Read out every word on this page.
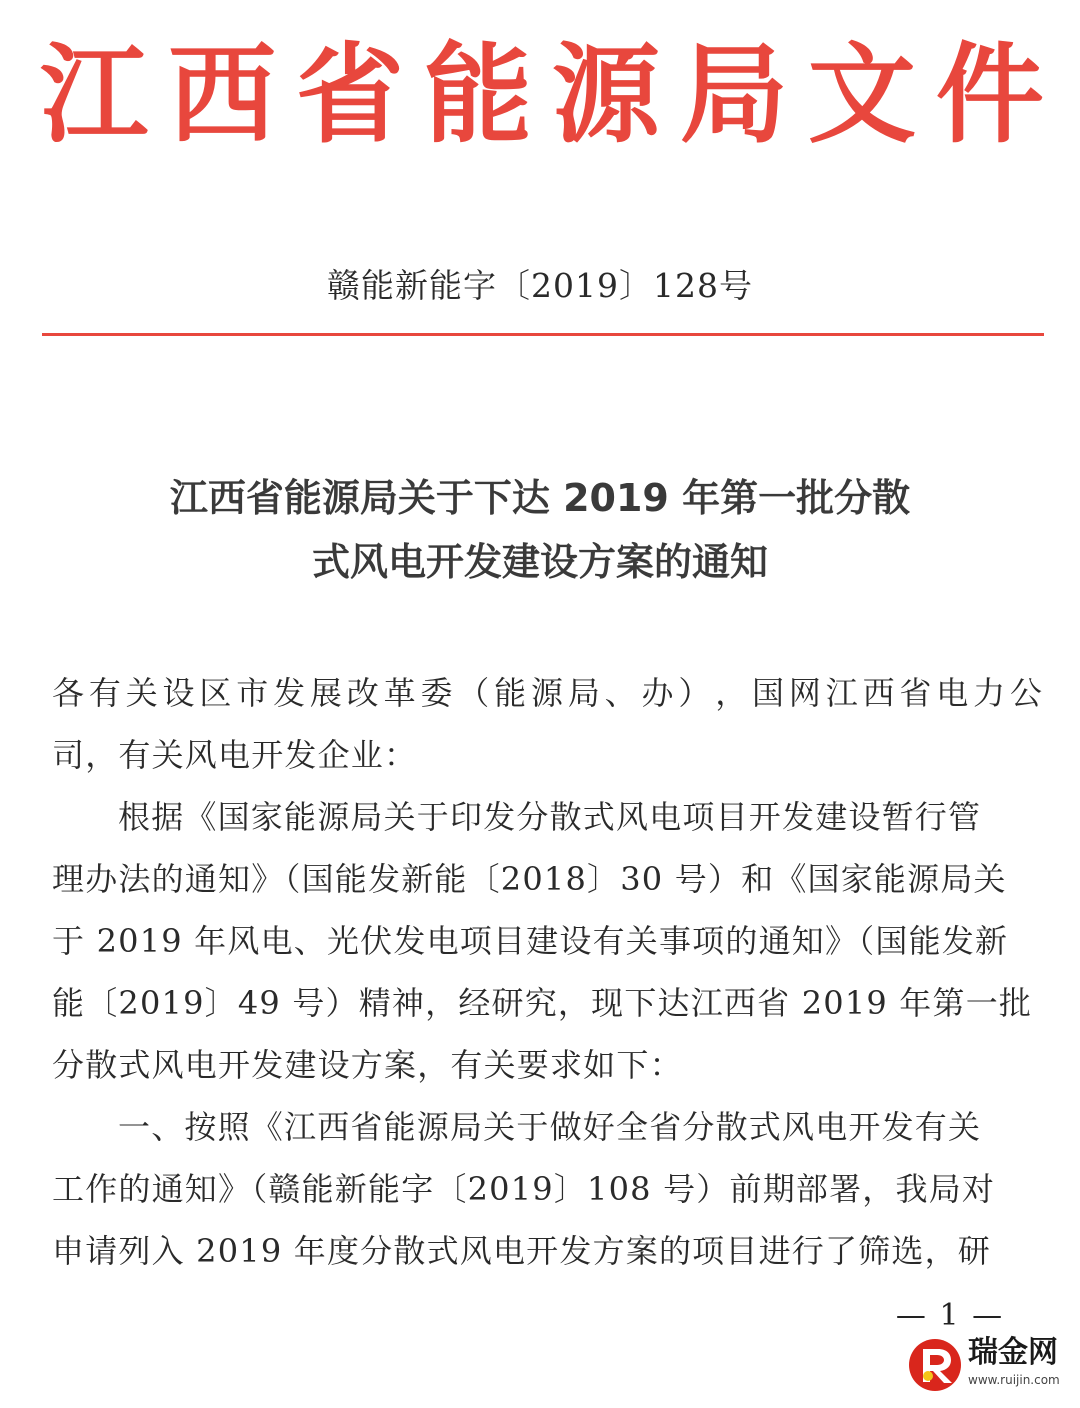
江 西 省 能 源 局 文 件
赣能新能字〔2019〕128号
江西省能源局关于下达 2019 年第一批分散
式风电开发建设方案的通知
各 有 关 设 区 市 发 展 改 革 委 （ 能 源 局 、 办 ） ， 国 网 江 西 省 电 力 公
司，有关风电开发企业：
根据《国家能源局关于印发分散式风电项目开发建设暂行管
理办法的通知》（国能发新能〔2018〕30 号）和《国家能源局关
于 2019 年风电、光伏发电项目建设有关事项的通知》（国能发新
能〔2019〕49 号）精神，经研究，现下达江西省 2019 年第一批
分散式风电开发建设方案，有关要求如下：
一、按照《江西省能源局关于做好全省分散式风电开发有关
工作的通知》（赣能新能字〔2019〕108 号）前期部署，我局对
申请列入 2019 年度分散式风电开发方案的项目进行了筛选，研
— 1 —
瑞金网
www.ruijin.com
